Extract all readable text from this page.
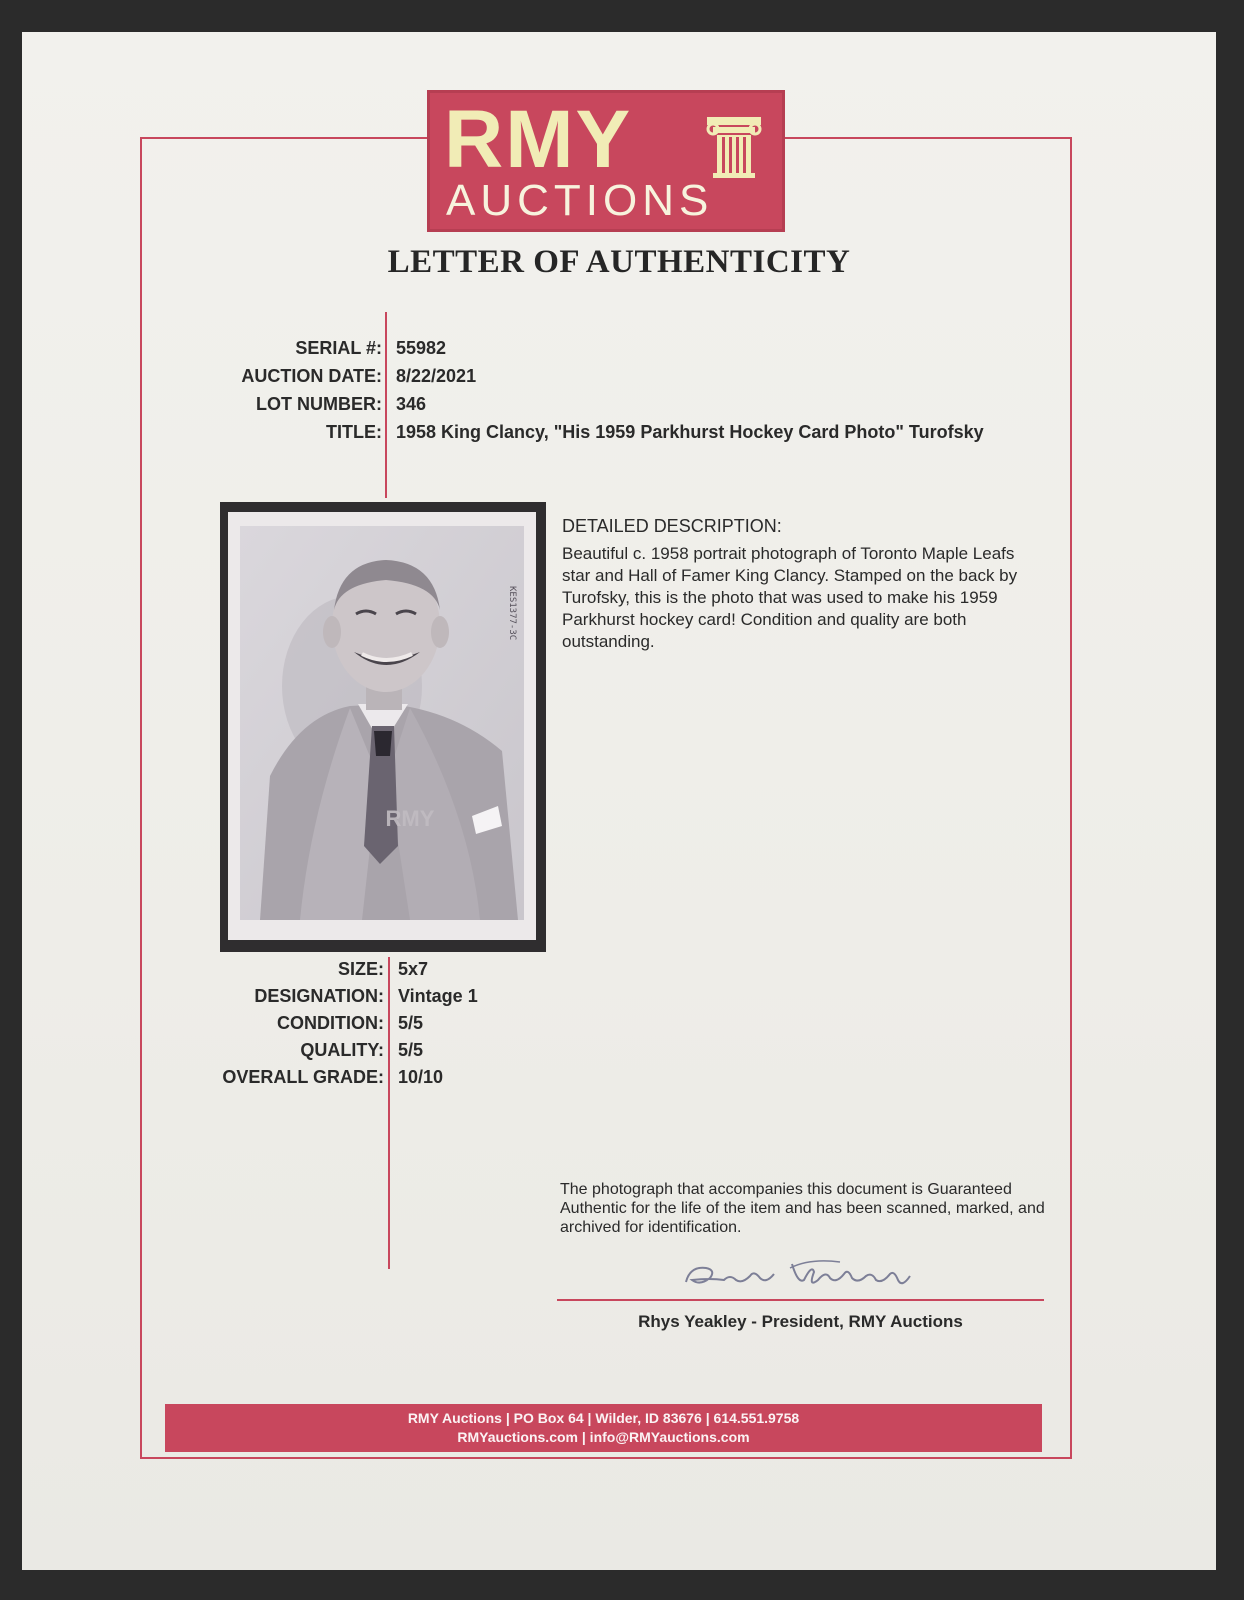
RMY
AUCTIONS
LETTER OF AUTHENTICITY
SERIAL #: 55982
AUCTION DATE: 8/22/2021
LOT NUMBER: 346
TITLE: 1958 King Clancy, "His 1959 Parkhurst Hockey Card Photo" Turofsky
RMY
KES1377-3C
DETAILED DESCRIPTION:
Beautiful c. 1958 portrait photograph of Toronto Maple Leafs star and Hall of Famer King Clancy. Stamped on the back by Turofsky, this is the photo that was used to make his 1959 Parkhurst hockey card! Condition and quality are both outstanding.
SIZE: 5x7
DESIGNATION: Vintage 1
CONDITION: 5/5
QUALITY: 5/5
OVERALL GRADE: 10/10
The photograph that accompanies this document is Guaranteed Authentic for the life of the item and has been scanned, marked, and archived for identification.
Rhys Yeakley - President, RMY Auctions
RMY Auctions | PO Box 64 | Wilder, ID 83676 | 614.551.9758
RMYauctions.com | info@RMYauctions.com
